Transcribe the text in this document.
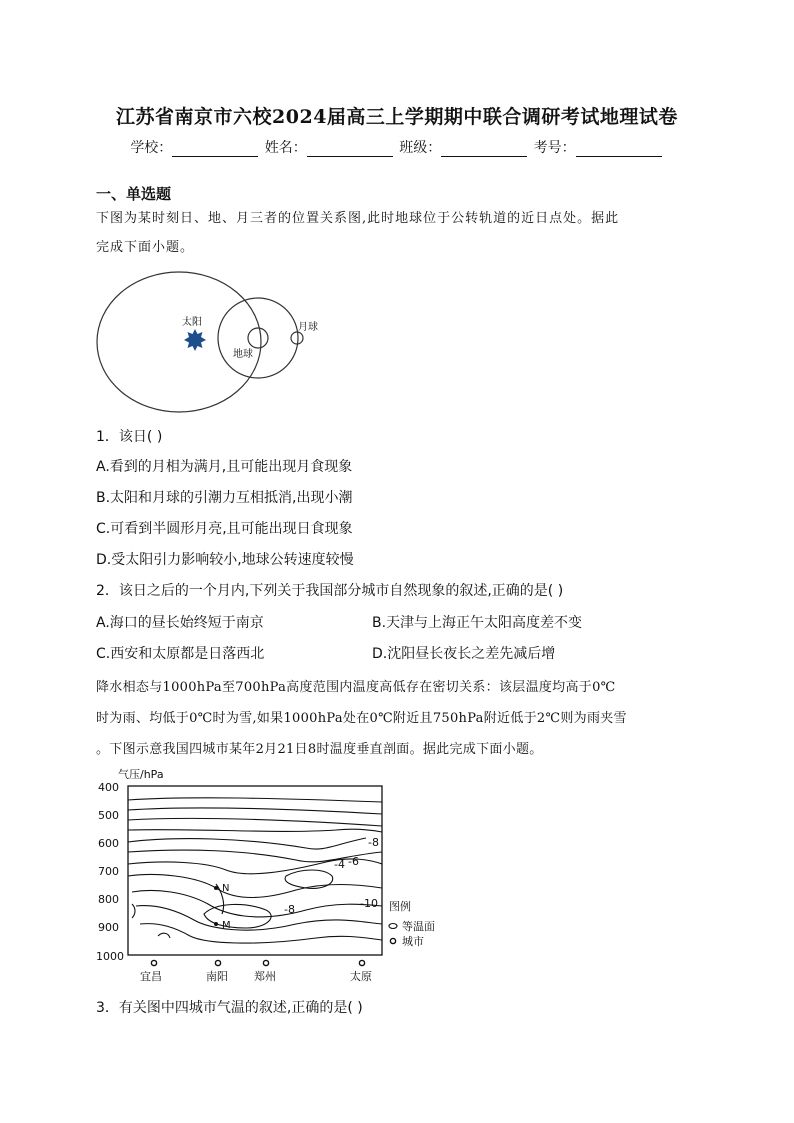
江苏省南京市六校2024届高三上学期期中联合调研考试地理试卷
学校：	姓名：	班级：	考号：
一、单选题
下图为某时刻日、地、月三者的位置关系图,此时地球位于公转轨道的近日点处。据此
完成下面小题。
太阳
地球
月球
1．该日( )
A.看到的月相为满月,且可能出现月食现象
B.太阳和月球的引潮力互相抵消,出现小潮
C.可看到半圆形月亮,且可能出现日食现象
D.受太阳引力影响较小,地球公转速度较慢
2．该日之后的一个月内,下列关于我国部分城市自然现象的叙述,正确的是( )
A.海口的昼长始终短于南京	B.天津与上海正午太阳高度差不变
C.西安和太原都是日落西北	D.沈阳昼长夜长之差先减后增
降水相态与1000hPa至700hPa高度范围内温度高低存在密切关系：该层温度均高于0℃
时为雨、均低于0℃时为雪,如果1000hPa处在0℃附近且750hPa附近低于2℃则为雨夹雪
。下图示意我国四城市某年2月21日8时温度垂直剖面。据此完成下面小题。
气压/hPa
400
500
600
700
800
900
1000
-8
-4 -6
-8	-10
N
M
宜昌	南阳 郑州	太原
图例
等温面
城市
3．有关图中四城市气温的叙述,正确的是( )
